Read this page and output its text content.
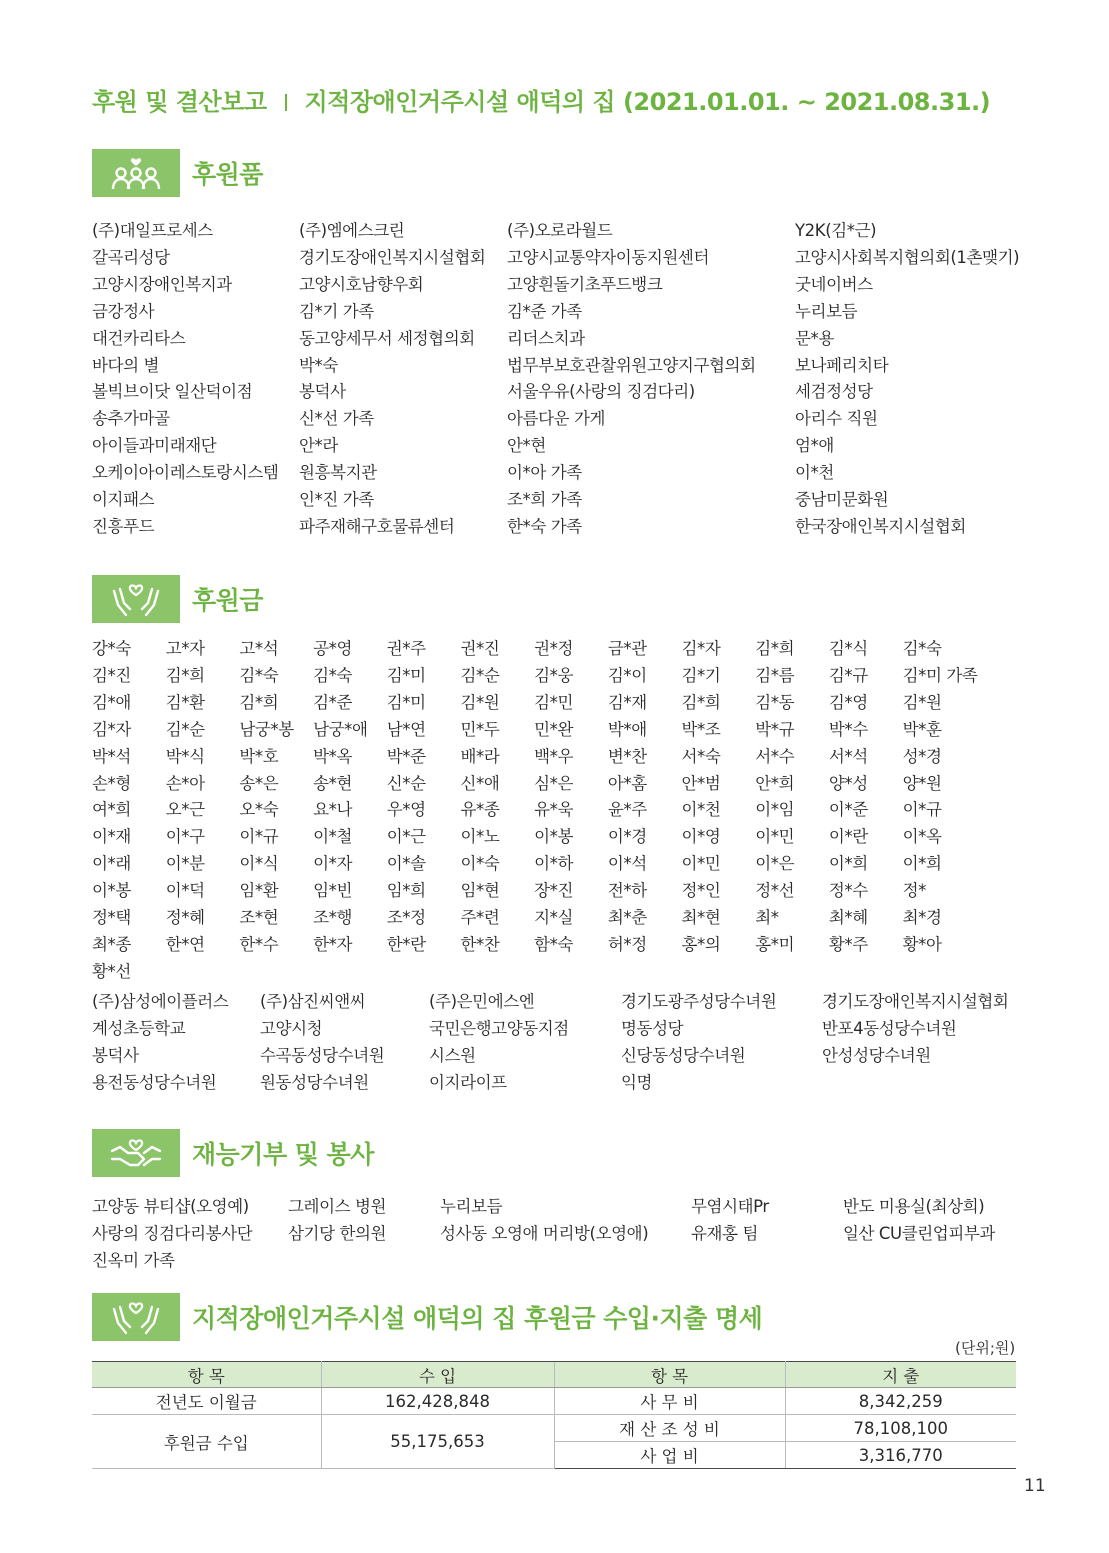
후원 및 결산보고 지적장애인거주시설 애덕의 집 (2021.01.01. ~ 2021.08.31.)
후원품
(주)대일프로세스	(주)엠에스크린	(주)오로라월드	Y2K(김*근)
갈곡리성당	경기도장애인복지시설협회	고양시교통약자이동지원센터	고양시사회복지협의회(1촌맺기)
고양시장애인복지과	고양시호남향우회	고양흰돌기초푸드뱅크	굿네이버스
금강정사	김*기 가족	김*준 가족	누리보듬
대건카리타스	동고양세무서 세정협의회	리더스치과	문*용
바다의 별	박*숙	법무부보호관찰위원고양지구협의회	보나페리치타
볼빅브이닷 일산덕이점	봉덕사	서울우유(사랑의 징검다리)	세검정성당
송추가마골	신*선 가족	아름다운 가게	아리수 직원
아이들과미래재단	안*라	안*현	엄*애
오케이아이레스토랑시스템	원흥복지관	이*아 가족	이*천
이지패스	인*진 가족	조*희 가족	중남미문화원
진흥푸드	파주재해구호물류센터	한*숙 가족	한국장애인복지시설협회
후원금
강*숙	고*자	고*석	공*영	권*주	권*진	권*정	금*관	김*자	김*희	김*식	김*숙
김*진	김*희	김*숙	김*숙	김*미	김*순	김*웅	김*이	김*기	김*름	김*규	김*미 가족
김*애	김*환	김*희	김*준	김*미	김*원	김*민	김*재	김*희	김*동	김*영	김*원
김*자	김*순	남궁*봉	남궁*애	남*연	민*두	민*완	박*애	박*조	박*규	박*수	박*훈
박*석	박*식	박*호	박*옥	박*준	배*라	백*우	변*찬	서*숙	서*수	서*석	성*경
손*형	손*아	송*은	송*현	신*순	신*애	심*은	아*홈	안*범	안*희	양*성	양*원
여*희	오*근	오*숙	요*나	우*영	유*종	유*욱	윤*주	이*천	이*임	이*준	이*규
이*재	이*구	이*규	이*철	이*근	이*노	이*봉	이*경	이*영	이*민	이*란	이*옥
이*래	이*분	이*식	이*자	이*솔	이*숙	이*하	이*석	이*민	이*은	이*희	이*희
이*봉	이*덕	임*환	임*빈	임*희	임*현	장*진	전*하	정*인	정*선	정*수	정*
정*택	정*혜	조*현	조*행	조*정	주*련	지*실	최*춘	최*현	최*	최*혜	최*경
최*종	한*연	한*수	한*자	한*란	한*찬	함*숙	허*정	홍*의	홍*미	황*주	황*아
황*선
(주)삼성에이플러스	(주)삼진씨앤씨	(주)은민에스엔	경기도광주성당수녀원	경기도장애인복지시설협회
계성초등학교	고양시청	국민은행고양동지점	명동성당	반포4동성당수녀원
봉덕사	수곡동성당수녀원	시스원	신당동성당수녀원	안성성당수녀원
용전동성당수녀원	원동성당수녀원	이지라이프	익명
재능기부 및 봉사
고양동 뷰티샵(오영예)	그레이스 병원	누리보듬	무염시태Pr	반도 미용실(최상희)
사랑의 징검다리봉사단	삼기당 한의원	성사동 오영애 머리방(오영애)	유재홍 팀	일산 CU클린업피부과
진옥미 가족
지적장애인거주시설 애덕의 집 후원금 수입·지출 명세
(단위;원)
항 목	수 입	항 목	지 출
전년도 이월금	162,428,848	사 무 비	8,342,259
후원금 수입	55,175,653	재 산 조 성 비	78,108,100
		사 업 비	3,316,770
11
